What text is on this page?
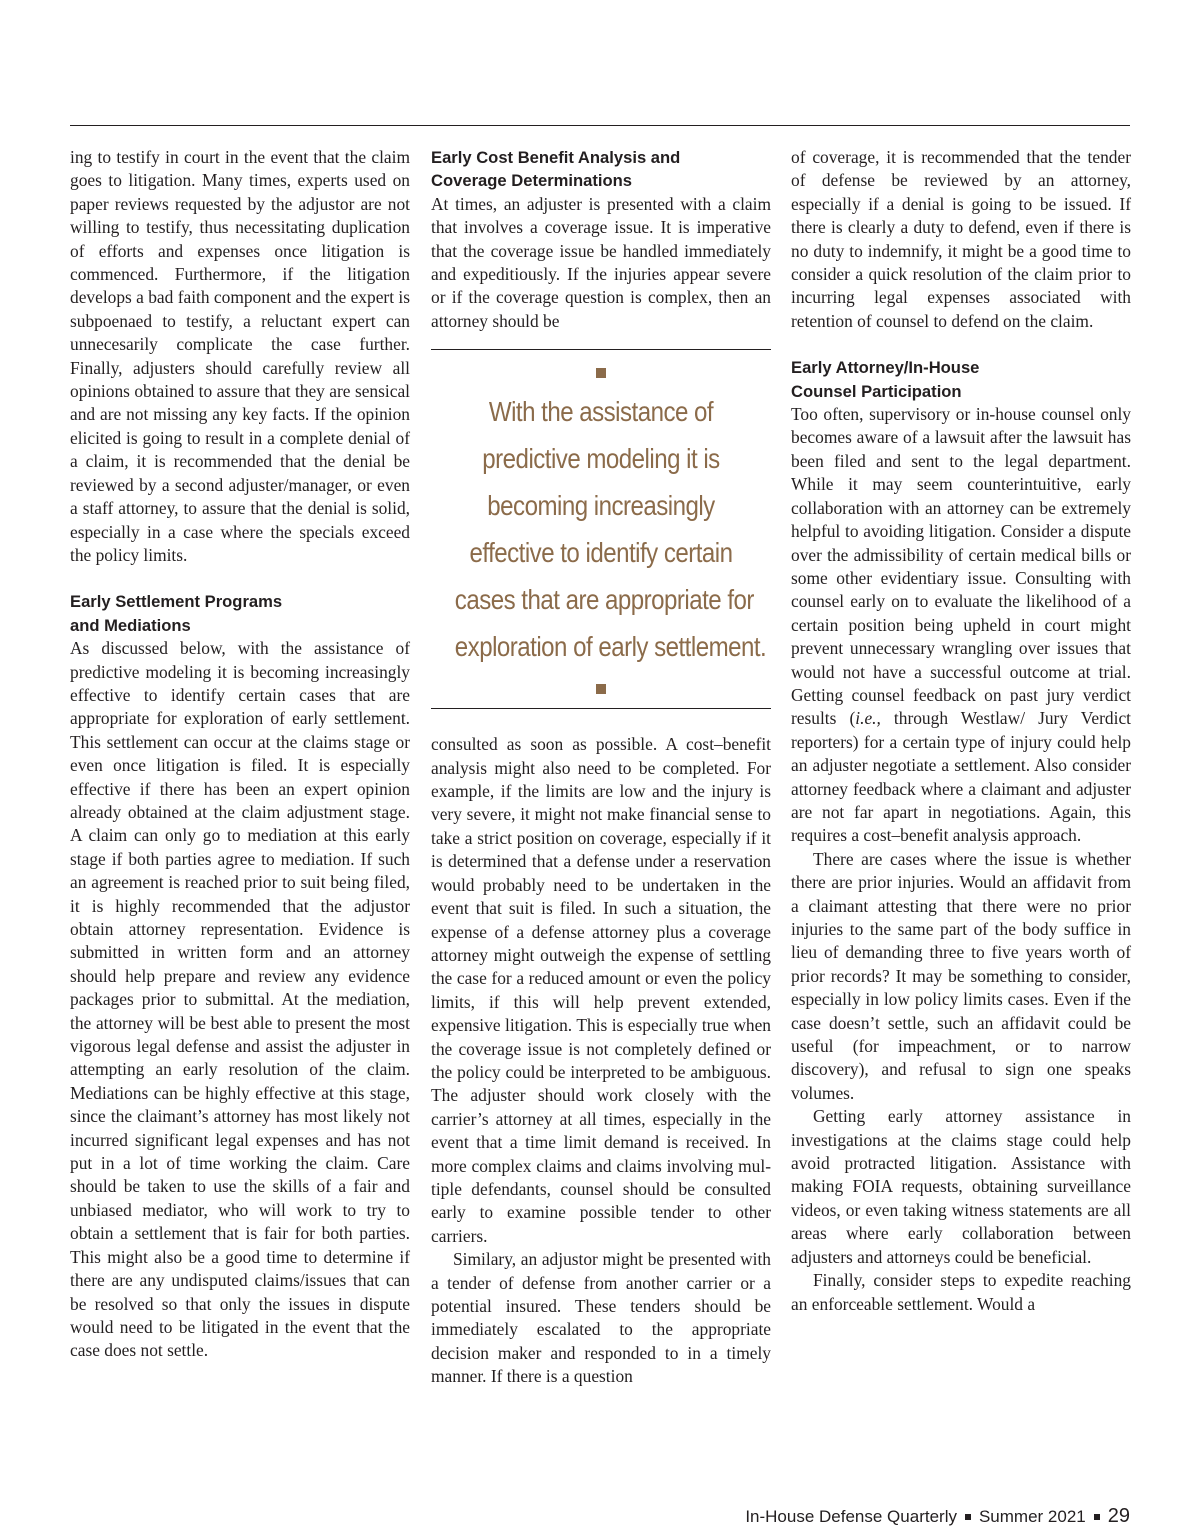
ing to testify in court in the event that the claim goes to litigation. Many times, experts used on paper reviews requested by the adjustor are not willing to testify, thus necessitating duplication of efforts and expenses once litigation is commenced. Furthermore, if the litigation develops a bad faith component and the expert is subpoenaed to testify, a reluctant expert can unnecesarily complicate the case further. Finally, adjusters should carefully review all opinions obtained to assure that they are sensical and are not missing any key facts. If the opinion elicited is going to result in a complete denial of a claim, it is recommended that the denial be reviewed by a second adjuster/manager, or even a staff attorney, to assure that the denial is solid, especially in a case where the specials exceed the policy limits.

Early Settlement Programs
and Mediations

As discussed below, with the assistance of predictive modeling it is becoming increasingly effective to identify certain cases that are appropriate for exploration of early settlement. This settlement can occur at the claims stage or even once litigation is filed. It is especially effective if there has been an expert opinion already obtained at the claim adjustment stage. A claim can only go to mediation at this early stage if both parties agree to mediation. If such an agreement is reached prior to suit being filed, it is highly recommended that the adjustor obtain attorney representation. Evidence is submitted in written form and an attorney should help prepare and review any evidence packages prior to submittal. At the mediation, the attorney will be best able to present the most vigorous legal defense and assist the adjuster in attempting an early resolution of the claim. Mediations can be highly effective at this stage, since the claimant’s attorney has most likely not incurred significant legal expenses and has not put in a lot of time working the claim. Care should be taken to use the skills of a fair and unbiased mediator, who will work to try to obtain a settlement that is fair for both parties. This might also be a good time to determine if there are any undisputed claims/issues that can be resolved so that only the issues in dispute would need to be litigated in the event that the case does not settle.

Early Cost Benefit Analysis and
Coverage Determinations

At times, an adjuster is presented with a claim that involves a coverage issue. It is imperative that the coverage issue be handled immediately and expeditiously. If the injuries appear severe or if the coverage question is complex, then an attorney should be

With the assistance of
predictive modeling it is
becoming increasingly
effective to identify certain
cases that are appropriate for
exploration of early settlement.

consulted as soon as possible. A cost–benefit analysis might also need to be completed. For example, if the limits are low and the injury is very severe, it might not make financial sense to take a strict position on coverage, especially if it is determined that a defense under a reservation would probably need to be undertaken in the event that suit is filed. In such a situation, the expense of a defense attorney plus a coverage attorney might outweigh the expense of settling the case for a reduced amount or even the policy limits, if this will help prevent extended, expensive litigation. This is especially true when the coverage issue is not completely defined or the policy could be interpreted to be ambiguous. The adjuster should work closely with the carrier’s attorney at all times, especially in the event that a time limit demand is received. In more complex claims and claims involving multiple defendants, counsel should be consulted early to examine possible tender to other carriers.

Similary, an adjustor might be presented with a tender of defense from another carrier or a potential insured. These tenders should be immediately escalated to the appropriate decision maker and responded to in a timely manner. If there is a question

of coverage, it is recommended that the tender of defense be reviewed by an attorney, especially if a denial is going to be issued. If there is clearly a duty to defend, even if there is no duty to indemnify, it might be a good time to consider a quick resolution of the claim prior to incurring legal expenses associated with retention of counsel to defend on the claim.

Early Attorney/In-House
Counsel Participation

Too often, supervisory or in-house counsel only becomes aware of a lawsuit after the lawsuit has been filed and sent to the legal department. While it may seem counterintuitive, early collaboration with an attorney can be extremely helpful to avoiding litigation. Consider a dispute over the admissibility of certain medical bills or some other evidentiary issue. Consulting with counsel early on to evaluate the likelihood of a certain position being upheld in court might prevent unnecessary wrangling over issues that would not have a successful outcome at trial. Getting counsel feedback on past jury verdict results (i.e., through Westlaw/ Jury Verdict reporters) for a certain type of injury could help an adjuster negotiate a settlement. Also consider attorney feedback where a claimant and adjuster are not far apart in negotiations. Again, this requires a cost–benefit analysis approach.

There are cases where the issue is whether there are prior injuries. Would an affidavit from a claimant attesting that there were no prior injuries to the same part of the body suffice in lieu of demanding three to five years worth of prior records? It may be something to consider, especially in low policy limits cases. Even if the case doesn’t settle, such an affidavit could be useful (for impeachment, or to narrow discovery), and refusal to sign one speaks volumes.

Getting early attorney assistance in investigations at the claims stage could help avoid protracted litigation. Assistance with making FOIA requests, obtaining surveillance videos, or even taking witness statements are all areas where early collaboration between adjusters and attorneys could be beneficial.

Finally, consider steps to expedite reaching an enforceable settlement. Would a

In-House Defense Quarterly Summer 2021 29
